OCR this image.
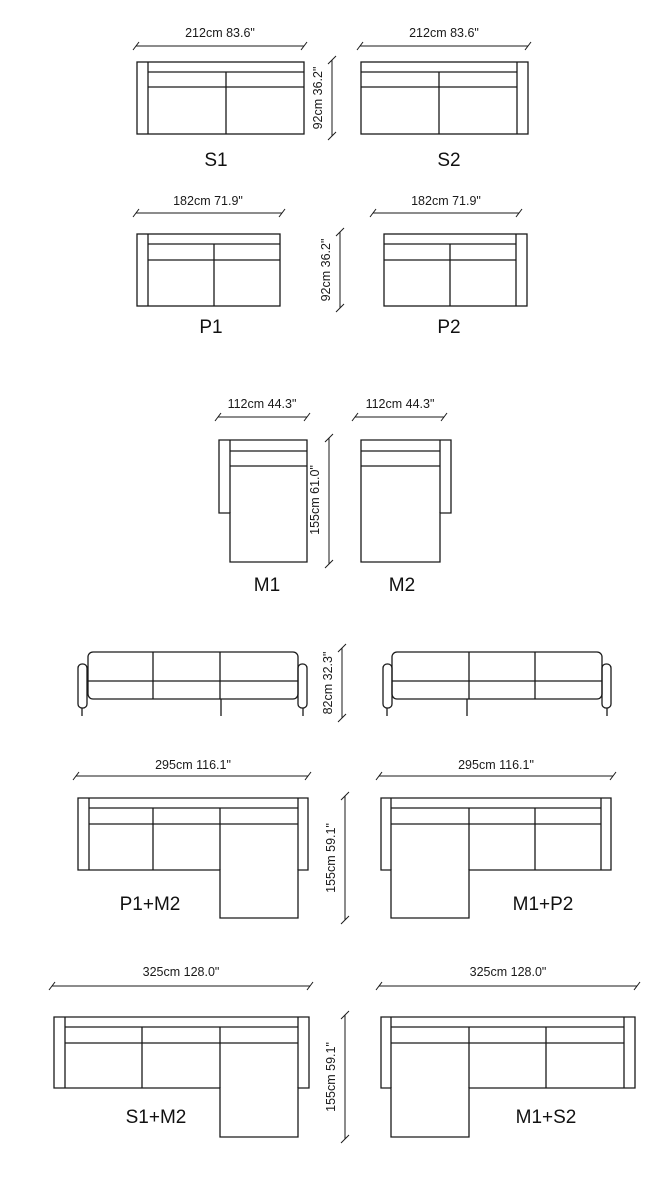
212cm 83.6"
S1
92cm 36.2"
212cm 83.6"
S2
182cm 71.9"
P1
92cm 36.2"
182cm 71.9"
P2
112cm 44.3"
M1
155cm 61.0"
112cm 44.3"
M2
82cm 32.3"
295cm 116.1"
P1+M2
155cm 59.1"
295cm 116.1"
M1+P2
325cm 128.0"
S1+M2
155cm 59.1"
325cm 128.0"
M1+S2
